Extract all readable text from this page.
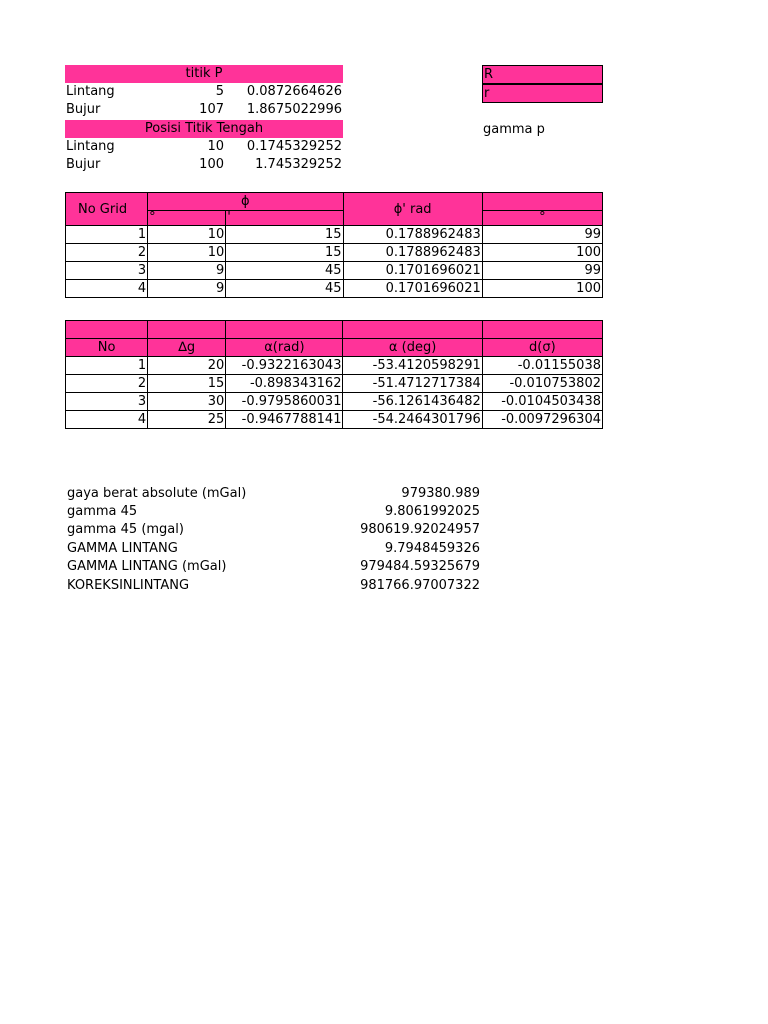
titik P
Lintang	5	0.0872664626
Bujur	107	1.8675022996
Posisi Titik Tengah
Lintang	10	0.1745329252
Bujur	100	1.745329252
R
r
gamma p
No Grid	ϕ		ϕ' rad	
	°	'		°
1	10	15	0.1788962483	99
2	10	15	0.1788962483	100
3	9	45	0.1701696021	99
4	9	45	0.1701696021	100

No	∆g	α(rad)	α (deg)	d(σ)
1	20	-0.9322163043	-53.4120598291	-0.01155038
2	15	-0.898343162	-51.4712717384	-0.010753802
3	30	-0.9795860031	-56.1261436482	-0.0104503438
4	25	-0.9467788141	-54.2464301796	-0.0097296304
gaya berat absolute (mGal)	979380.989
gamma 45	9.8061992025
gamma 45 (mgal)	980619.92024957
GAMMA LINTANG	9.7948459326
GAMMA LINTANG (mGal)	979484.59325679
KOREKSINLINTANG	981766.97007322
